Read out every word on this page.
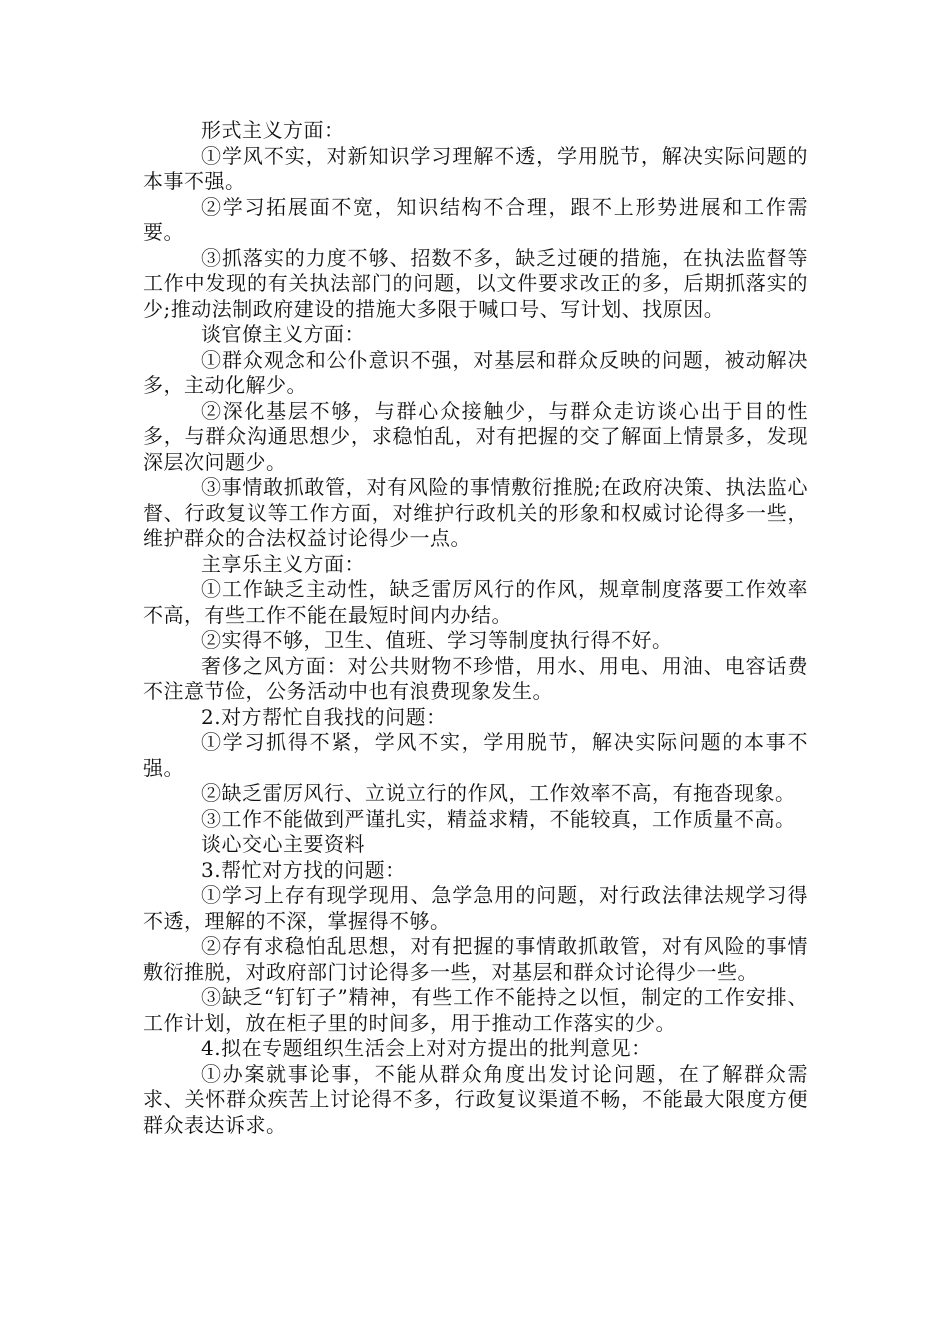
形式主义方面：

①学风不实，对新知识学习理解不透，学用脱节，解决实际问题的本事不强。

②学习拓展面不宽，知识结构不合理，跟不上形势进展和工作需要。

③抓落实的力度不够、招数不多，缺乏过硬的措施，在执法监督等工作中发现的有关执法部门的问题，以文件要求改正的多，后期抓落实的少;推动法制政府建设的措施大多限于喊口号、写计划、找原因。

谈官僚主义方面：

①群众观念和公仆意识不强，对基层和群众反映的问题，被动解决多，主动化解少。

②深化基层不够，与群心众接触少，与群众走访谈心出于目的性多，与群众沟通思想少，求稳怕乱，对有把握的交了解面上情景多，发现深层次问题少。

③事情敢抓敢管，对有风险的事情敷衍推脱;在政府决策、执法监心督、行政复议等工作方面，对维护行政机关的形象和权威讨论得多一些，维护群众的合法权益讨论得少一点。

主享乐主义方面：

①工作缺乏主动性，缺乏雷厉风行的作风，规章制度落要工作效率不高，有些工作不能在最短时间内办结。

②实得不够，卫生、值班、学习等制度执行得不好。

奢侈之风方面：对公共财物不珍惜，用水、用电、用油、电容话费不注意节俭，公务活动中也有浪费现象发生。

2.对方帮忙自我找的问题：

①学习抓得不紧，学风不实，学用脱节，解决实际问题的本事不强。

②缺乏雷厉风行、立说立行的作风，工作效率不高，有拖沓现象。

③工作不能做到严谨扎实，精益求精，不能较真，工作质量不高。

谈心交心主要资料

3.帮忙对方找的问题：

①学习上存有现学现用、急学急用的问题，对行政法律法规学习得不透，理解的不深，掌握得不够。

②存有求稳怕乱思想，对有把握的事情敢抓敢管，对有风险的事情敷衍推脱，对政府部门讨论得多一些，对基层和群众讨论得少一些。

③缺乏“钉钉子”精神，有些工作不能持之以恒，制定的工作安排、工作计划，放在柜子里的时间多，用于推动工作落实的少。

4.拟在专题组织生活会上对对方提出的批判意见：

①办案就事论事，不能从群众角度出发讨论问题，在了解群众需求、关怀群众疾苦上讨论得不多，行政复议渠道不畅，不能最大限度方便群众表达诉求。
